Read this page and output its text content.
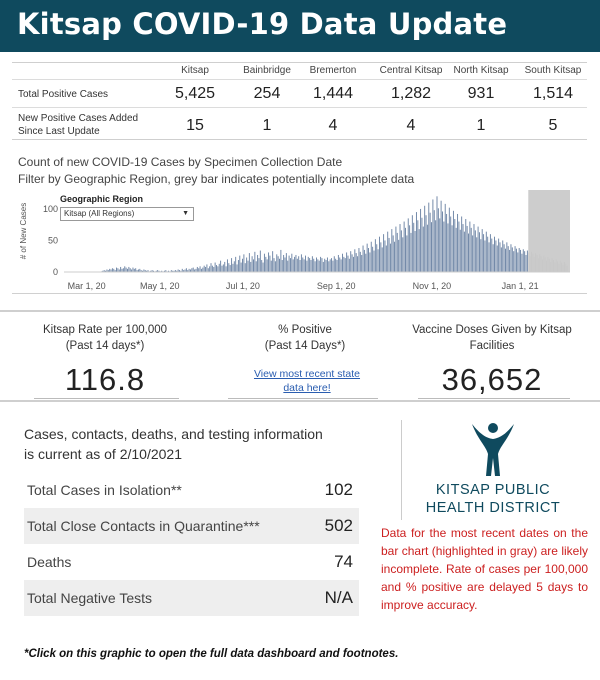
Kitsap COVID-19 Data Update
Kitsap	Bainbridge	Bremerton	Central Kitsap	North Kitsap	South Kitsap
Total Positive Cases	5,425	254	1,444	1,282	931	1,514
New Positive Cases Added
Since Last Update	15	1	4	4	1	5
Count of new COVID-19 Cases by Specimen Collection Date
Filter by Geographic Region, grey bar indicates potentially incomplete data
# of New Cases
0
50
100
Mar 1, 20	May 1, 20	Jul 1, 20	Sep 1, 20	Nov 1, 20	Jan 1, 21
Geographic Region
Kitsap (All Regions)	▼
Kitsap Rate per 100,000
(Past 14 days*)
116.8
% Positive
(Past 14 Days*)
View most recent state
data here!
Vaccine Doses Given by Kitsap
Facilities
36,652
Cases, contacts, deaths, and testing information
is current as of 2/10/2021
Total Cases in Isolation**	102
Total Close Contacts in Quarantine***	502
Deaths	74
Total Negative Tests	N/A
KITSAP PUBLIC
HEALTH DISTRICT
Data for the most recent dates on the bar chart (highlighted in gray) are likely incomplete. Rate of cases per 100,000 and % positive are delayed 5 days to improve accuracy.
*Click on this graphic to open the full data dashboard and footnotes.
